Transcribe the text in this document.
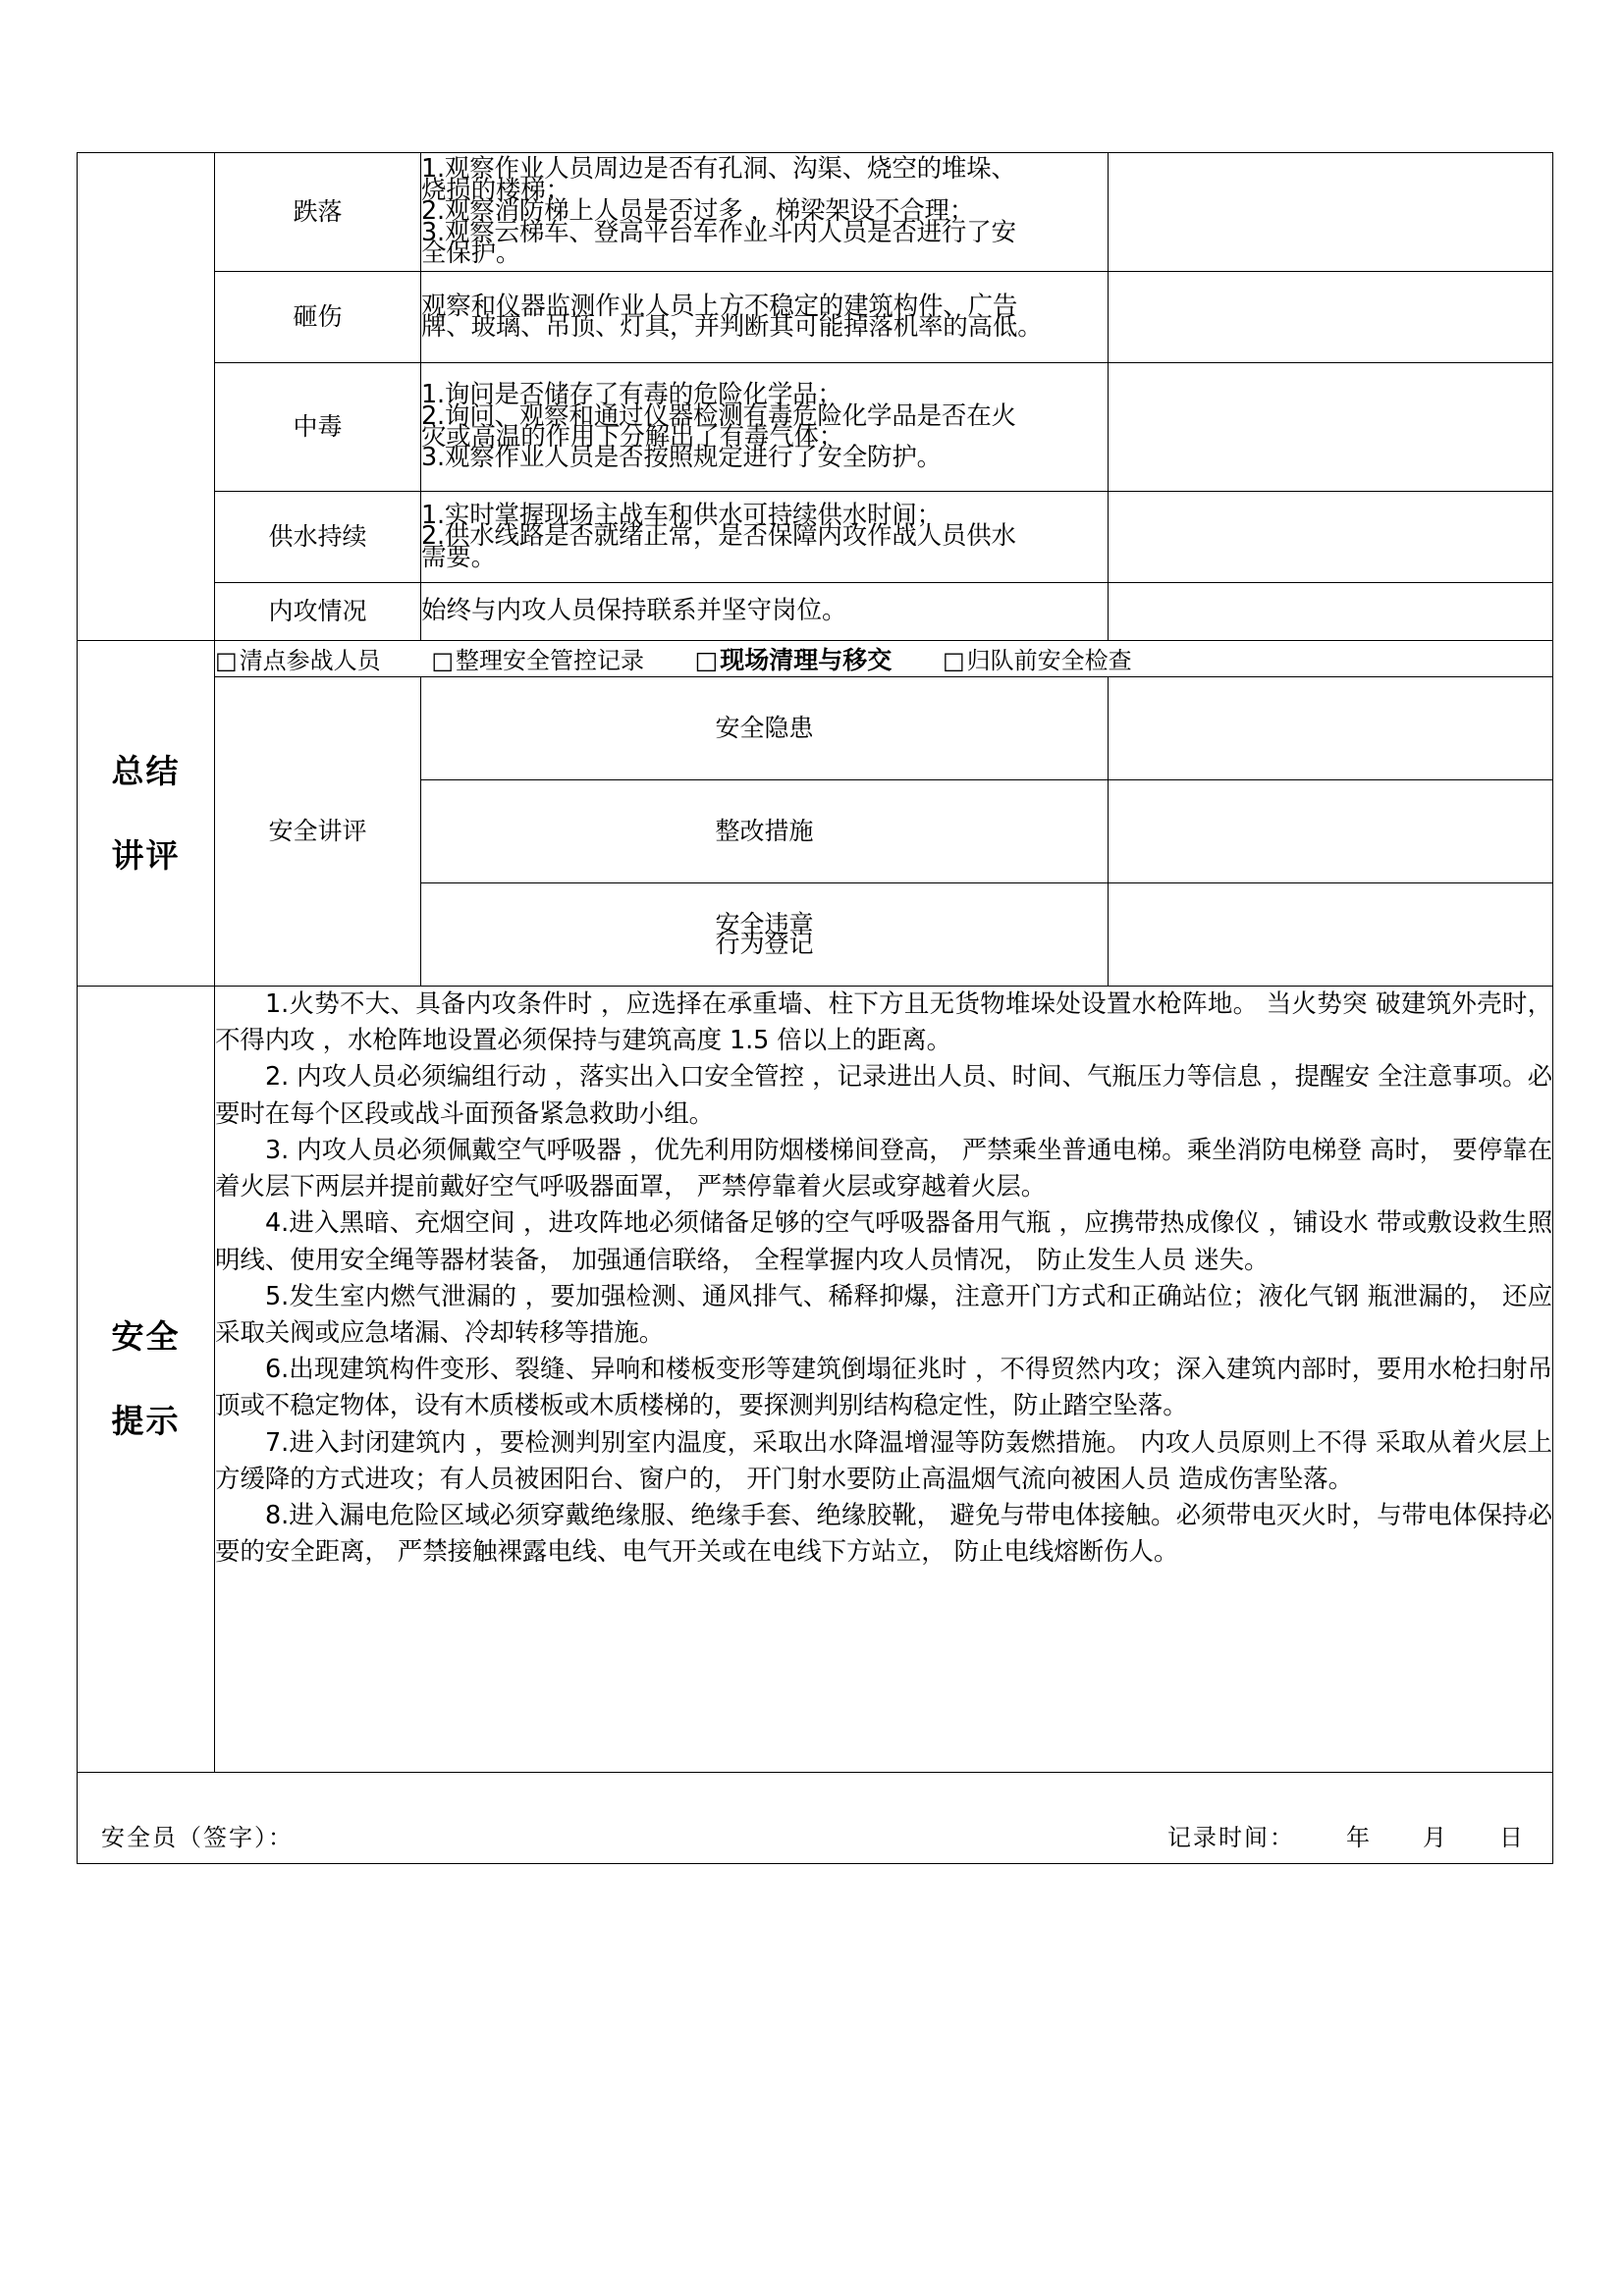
	跌落	1.观察作业人员周边是否有孔洞、沟渠、烧空的堆垛、

烧损的楼梯；

2.观察消防梯上人员是否过多 ，梯梁架设不合理；

3.观察云梯车、登高平台车作业斗内人员是否进行了安

全保护。	

	砸伤	观察和仪器监测作业人员上方不稳定的建筑构件、广告

牌、玻璃、吊顶、灯具，并判断其可能掉落机率的高低。	

	中毒	1.询问是否储存了有毒的危险化学品；

2.询问、观察和通过仪器检测有毒危险化学品是否在火

灾或高温的作用下分解出了有毒气体；

3.观察作业人员是否按照规定进行了安全防护。	

	供水持续	1.实时掌握现场主战车和供水可持续供水时间；

2.供水线路是否就绪正常，是否保障内攻作战人员供水

需要。	

	内攻情况	始终与内攻人员保持联系并坚守岗位。	

总结
讲评	□清点参战人员 □整理安全管控记录 □现场清理与移交 □归队前安全检查		
	安全讲评	安全隐患	
		整改措施	

		安全违章
行为登记	

安全
提示

1.火势不大、具备内攻条件时 ，应选择在承重墙、柱下方且无货物堆垛处设置水枪阵地。 当火势突 破建筑外壳时，不得内攻 ，水枪阵地设置必须保持与建筑高度 1.5 倍以上的距离。

2. 内攻人员必须编组行动 ，落实出入口安全管控 ，记录进出人员、时间、气瓶压力等信息 ，提醒安 全注意事项。必要时在每个区段或战斗面预备紧急救助小组。

3. 内攻人员必须佩戴空气呼吸器 ，优先利用防烟楼梯间登高， 严禁乘坐普通电梯。乘坐消防电梯登 高时， 要停靠在着火层下两层并提前戴好空气呼吸器面罩， 严禁停靠着火层或穿越着火层。

4.进入黑暗、充烟空间 ，进攻阵地必须储备足够的空气呼吸器备用气瓶 ，应携带热成像仪 ，铺设水 带或敷设救生照明线、使用安全绳等器材装备， 加强通信联络， 全程掌握内攻人员情况， 防止发生人员 迷失。

5.发生室内燃气泄漏的 ，要加强检测、通风排气、稀释抑爆，注意开门方式和正确站位；液化气钢 瓶泄漏的， 还应采取关阀或应急堵漏、冷却转移等措施。

6.出现建筑构件变形、裂缝、异响和楼板变形等建筑倒塌征兆时 ，不得贸然内攻；深入建筑内部时，要用水枪扫射吊顶或不稳定物体，设有木质楼板或木质楼梯的，要探测判别结构稳定性，防止踏空坠落。

7.进入封闭建筑内 ，要检测判别室内温度，采取出水降温增湿等防轰燃措施。 内攻人员原则上不得 采取从着火层上方缓降的方式进攻；有人员被困阳台、窗户的， 开门射水要防止高温烟气流向被困人员 造成伤害坠落。

8.进入漏电危险区域必须穿戴绝缘服、绝缘手套、绝缘胶靴， 避免与带电体接触。必须带电灭火时，与带电体保持必要的安全距离， 严禁接触裸露电线、电气开关或在电线下方站立， 防止电线熔断伤人。

安全员（签字）： 记录时间： 年 月 日			
